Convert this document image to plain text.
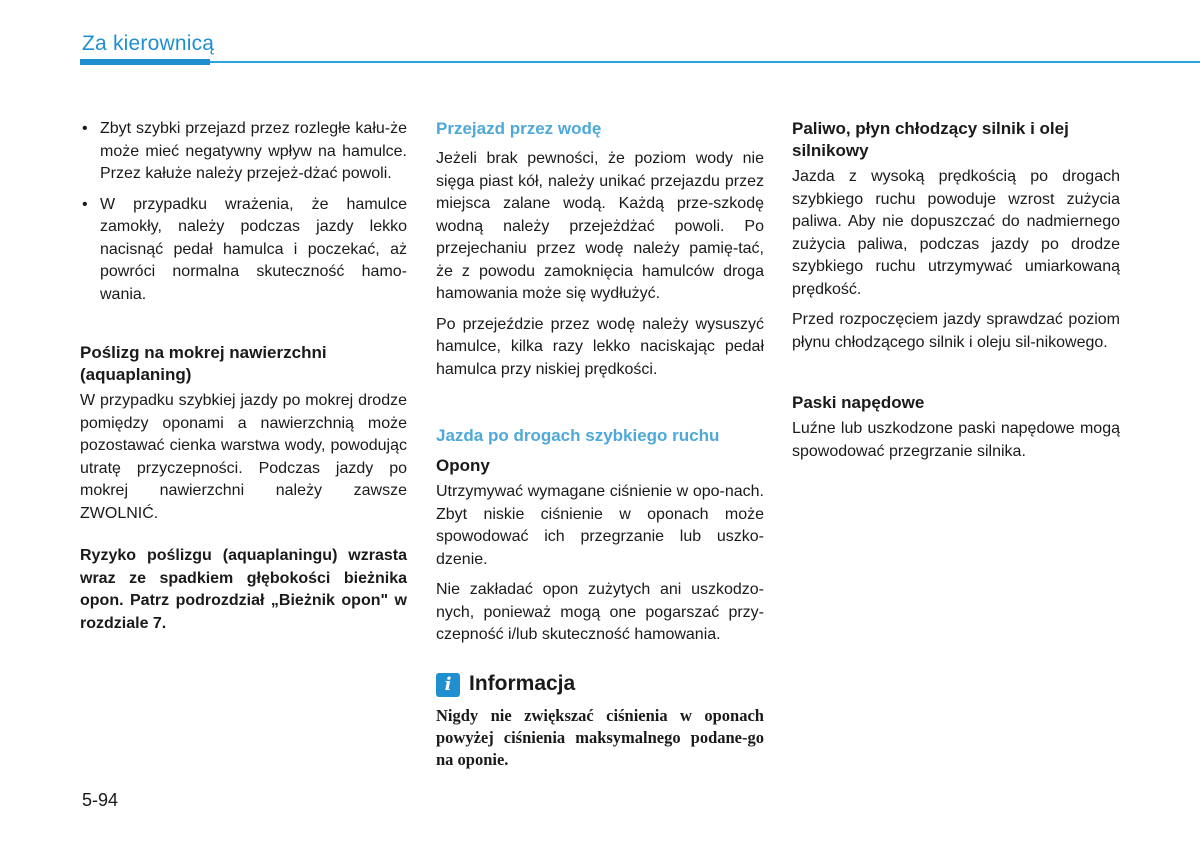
Za kierownicą
• Zbyt szybki przejazd przez rozległe kału-że może mieć negatywny wpływ na hamulce. Przez kałuże należy przejeż-dżać powoli.
• W przypadku wrażenia, że hamulce zamokły, należy podczas jazdy lekko nacisnąć pedał hamulca i poczekać, aż powróci normalna skuteczność hamo-wania.
Poślizg na mokrej nawierzchni (aquaplaning)

W przypadku szybkiej jazdy po mokrej drodze pomiędzy oponami a nawierzchnią może pozostawać cienka warstwa wody, powodując utratę przyczepności. Podczas jazdy po mokrej nawierzchni należy zawsze ZWOLNIĆ.

Ryzyko poślizgu (aquaplaningu) wzrasta wraz ze spadkiem głębokości bieżnika opon. Patrz podrozdział „Bieżnik opon" w rozdziale 7.

Przejazd przez wodę

Jeżeli brak pewności, że poziom wody nie sięga piast kół, należy unikać przejazdu przez miejsca zalane wodą. Każdą prze-szkodę wodną należy przejeżdżać powoli. Po przejechaniu przez wodę należy pamię-tać, że z powodu zamoknięcia hamulców droga hamowania może się wydłużyć.

Po przejeździe przez wodę należy wysuszyć hamulce, kilka razy lekko naciskając pedał hamulca przy niskiej prędkości.

Jazda po drogach szybkiego ruchu
Opony

Utrzymywać wymagane ciśnienie w opo-nach. Zbyt niskie ciśnienie w oponach może spowodować ich przegrzanie lub uszko-dzenie.

Nie zakładać opon zużytych ani uszkodzo-nych, ponieważ mogą one pogarszać przy-czepność i/lub skuteczność hamowania.

i Informacja
Nigdy nie zwiększać ciśnienia w oponach powyżej ciśnienia maksymalnego podane-go na oponie.
Paliwo, płyn chłodzący silnik i olej silnikowy

Jazda z wysoką prędkością po drogach szybkiego ruchu powoduje wzrost zużycia paliwa. Aby nie dopuszczać do nadmiernego zużycia paliwa, podczas jazdy po drodze szybkiego ruchu utrzymywać umiarkowaną prędkość.

Przed rozpoczęciem jazdy sprawdzać poziom płynu chłodzącego silnik i oleju sil-nikowego.

Paski napędowe

Luźne lub uszkodzone paski napędowe mogą spowodować przegrzanie silnika.

5-94
